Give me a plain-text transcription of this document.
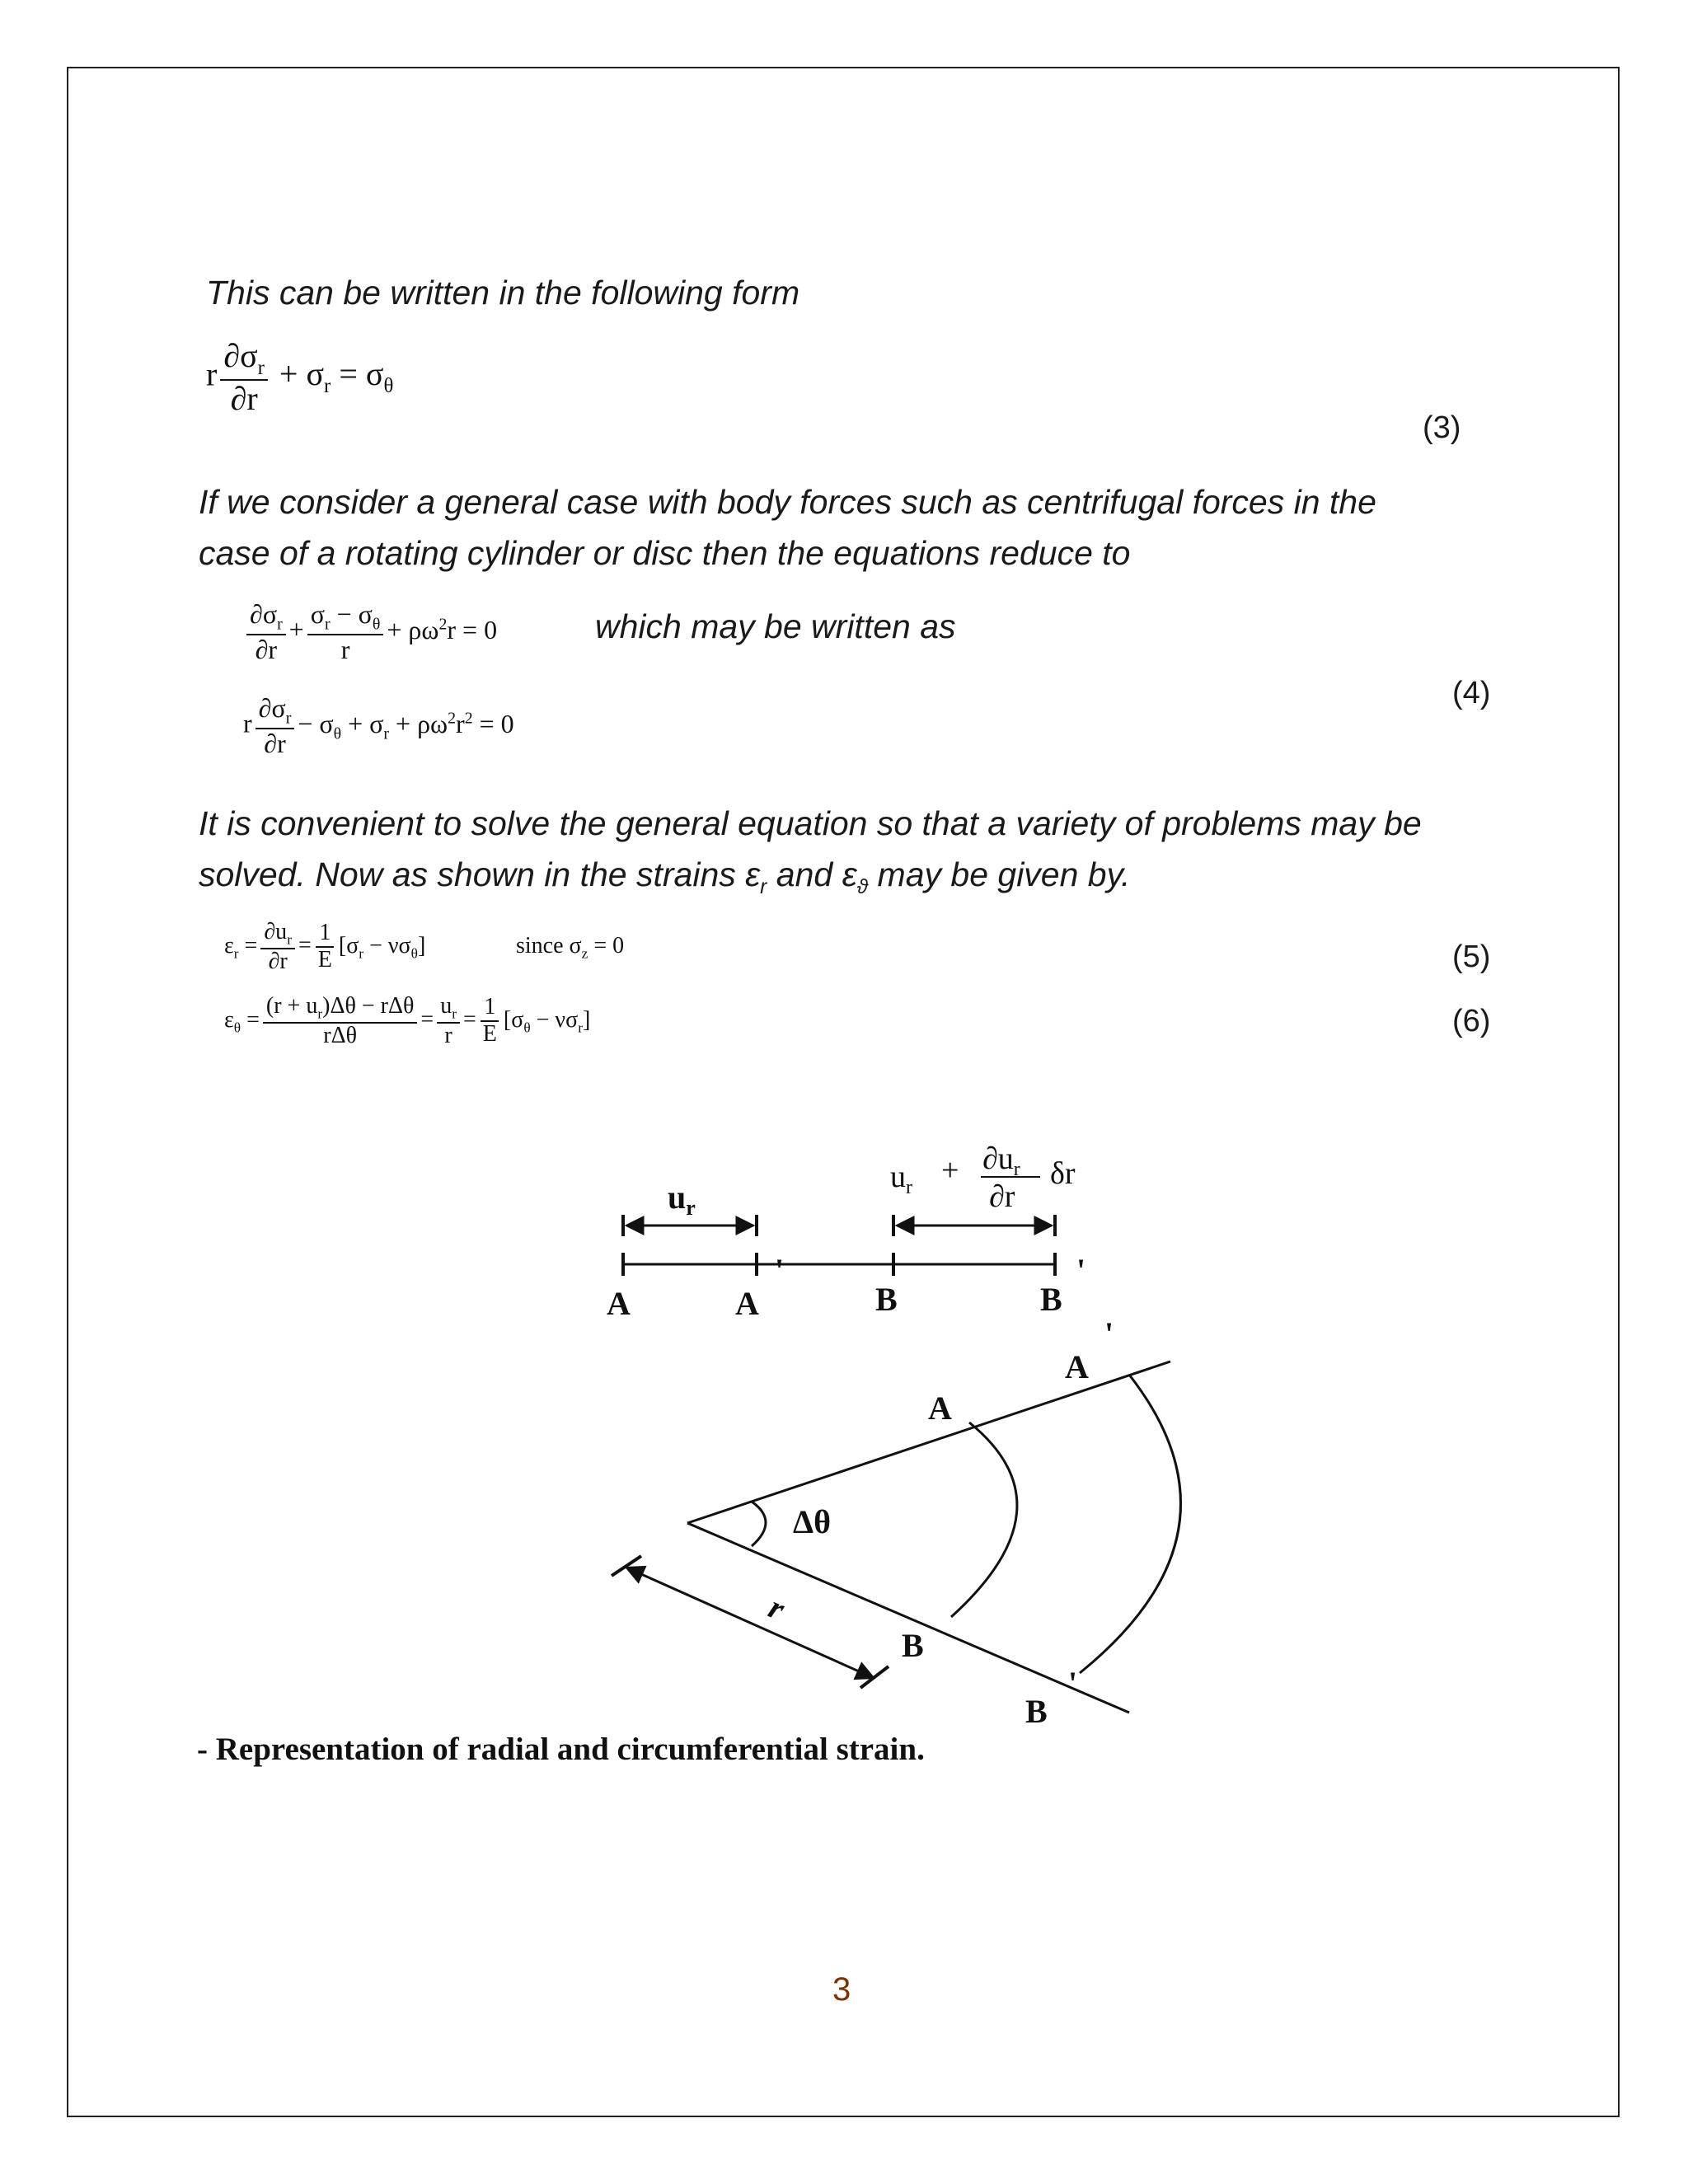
This can be written in the following form
r $\frac{\partial\sigma_r}{\partial r} + \sigma_r = \sigma_\theta$
(3)
If we consider a general case with body forces such as centrifugal forces in the
case of a rotating cylinder or disc then the equations reduce to
$\frac{\partial\sigma_r}{\partial r} + \frac{\sigma_r - \sigma_\theta}{r} + \rho\omega^2r = 0$	which may be written as
(4)
r $\frac{\partial\sigma_r}{\partial r} - \sigma_\theta + \sigma_r + \rho\omega^2r^2 = 0$
It is convenient to solve the general equation so that a variety of problems may be
solved. Now as shown in the strains $\varepsilon_r$ and $\varepsilon_ϑ$ may be given by.
$\varepsilon_r = \frac{\partial u_r}{\partial r} = \frac{1}{E} [\sigma_r - \nu\sigma_\theta]$	since $\sigma_z = 0$	(5)
$\varepsilon_\theta = \frac{(r + u_r)\Delta\theta - r\Delta\theta}{\text{rΔθ}} = \frac{u_r}{r} = \frac{1}{E} [\sigma_\theta - \nu\sigma_r]$	(6)
$u_r$
$u_r + \partial u_r$
∂r
δr
A	A
'
B	B
'
Δθ
A
A
'
B
B
'
r
- Representation of radial and circumferential strain.
3
